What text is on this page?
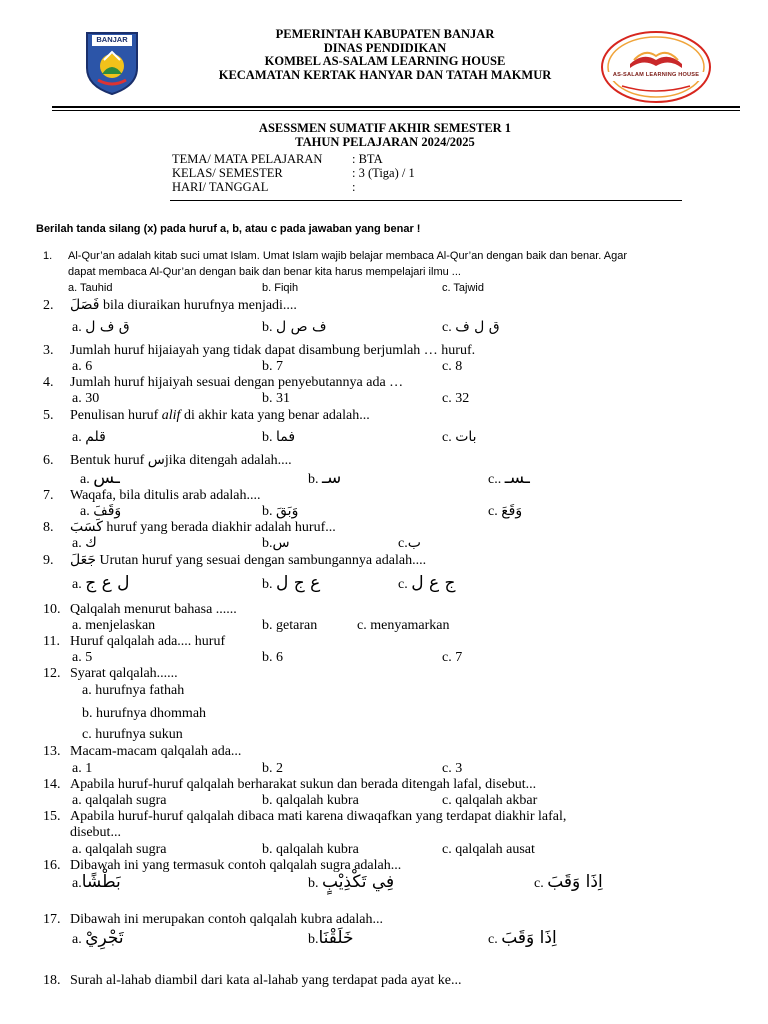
BANJAR	PEMERINTAH KABUPATEN BANJAR
DINAS PENDIDIKAN
KOMBEL AS-SALAM LEARNING HOUSE
KECAMATAN KERTAK HANYAR DAN TATAH MAKMUR	AS-SALAM LEARNING HOUSE
ASESSMEN SUMATIF AKHIR SEMESTER 1
TAHUN PELAJARAN 2024/2025
TEMA/ MATA PELAJARAN : BTA
KELAS/ SEMESTER	: 3 (Tiga) / 1
HARI/ TANGGAL	:
Berilah tanda silang (x) pada huruf a, b, atau c pada jawaban yang benar !
1. Al-Qur’an adalah kitab suci umat Islam. Umat Islam wajib belajar membaca Al-Qur’an dengan baik dan benar. Agar
dapat membaca Al-Qur’an dengan baik dan benar kita harus mempelajari ilmu ...
a. Tauhid	b. Fiqih	c. Tajwid
2. فَصَلَ bila diuraikan hurufnya menjadi....
a. ق ف ل	b. ف ص ل	c. ق ل ف
3. Jumlah huruf hijaiayah yang tidak dapat disambung berjumlah … huruf.
a. 6	b. 7	c. 8
4. Jumlah huruf hijaiyah sesuai dengan penyebutannya ada …
a. 30	b. 31	c. 32
5. Penulisan huruf alif di akhir kata yang benar adalah...
a. قلم	b. فما	c. بات
6. Bentuk huruf سjika ditengah adalah....
a. ـس	b. سـ	c.. ـسـ
7. Waqafa, bila ditulis arab adalah....
a. وَقَفَ	b. وَبَقَ	c. وَقَعَ
8. كَسَبَ huruf yang berada diakhir adalah huruf...
a. ك	b.س	c.ب
9. جَعَلَ Urutan huruf yang sesuai dengan sambungannya adalah....
a. ل ع ج	b. ع ج ل	c. ج ع ل
10. Qalqalah menurut bahasa ......
a. menjelaskan	b. getaran	c. menyamarkan
11. Huruf qalqalah ada.... huruf
a. 5	b. 6	c. 7
12. Syarat qalqalah......
a. hurufnya fathah
b. hurufnya dhommah
c. hurufnya sukun
13. Macam-macam qalqalah ada...
a. 1	b. 2	c. 3
14. Apabila huruf-huruf qalqalah berharakat sukun dan berada ditengah lafal, disebut...
a. qalqalah sugra	b. qalqalah kubra	c. qalqalah akbar
15. Apabila huruf-huruf qalqalah dibaca mati karena diwaqafkan yang terdapat diakhir lafal,
disebut...
a. qalqalah sugra	b. qalqalah kubra	c. qalqalah ausat
16. Dibawah ini yang termasuk contoh qalqalah sugra adalah...
a.بَطْشًا	b. فِي تَكْذِيْبٍ	c. اِذَا وَقَبَ
17. Dibawah ini merupakan contoh qalqalah kubra adalah...
a. تَجْرِيْ	b.خَلَقْنَا	c. اِذَا وَقَبَ
18. Surah al-lahab diambil dari kata al-lahab yang terdapat pada ayat ke...
